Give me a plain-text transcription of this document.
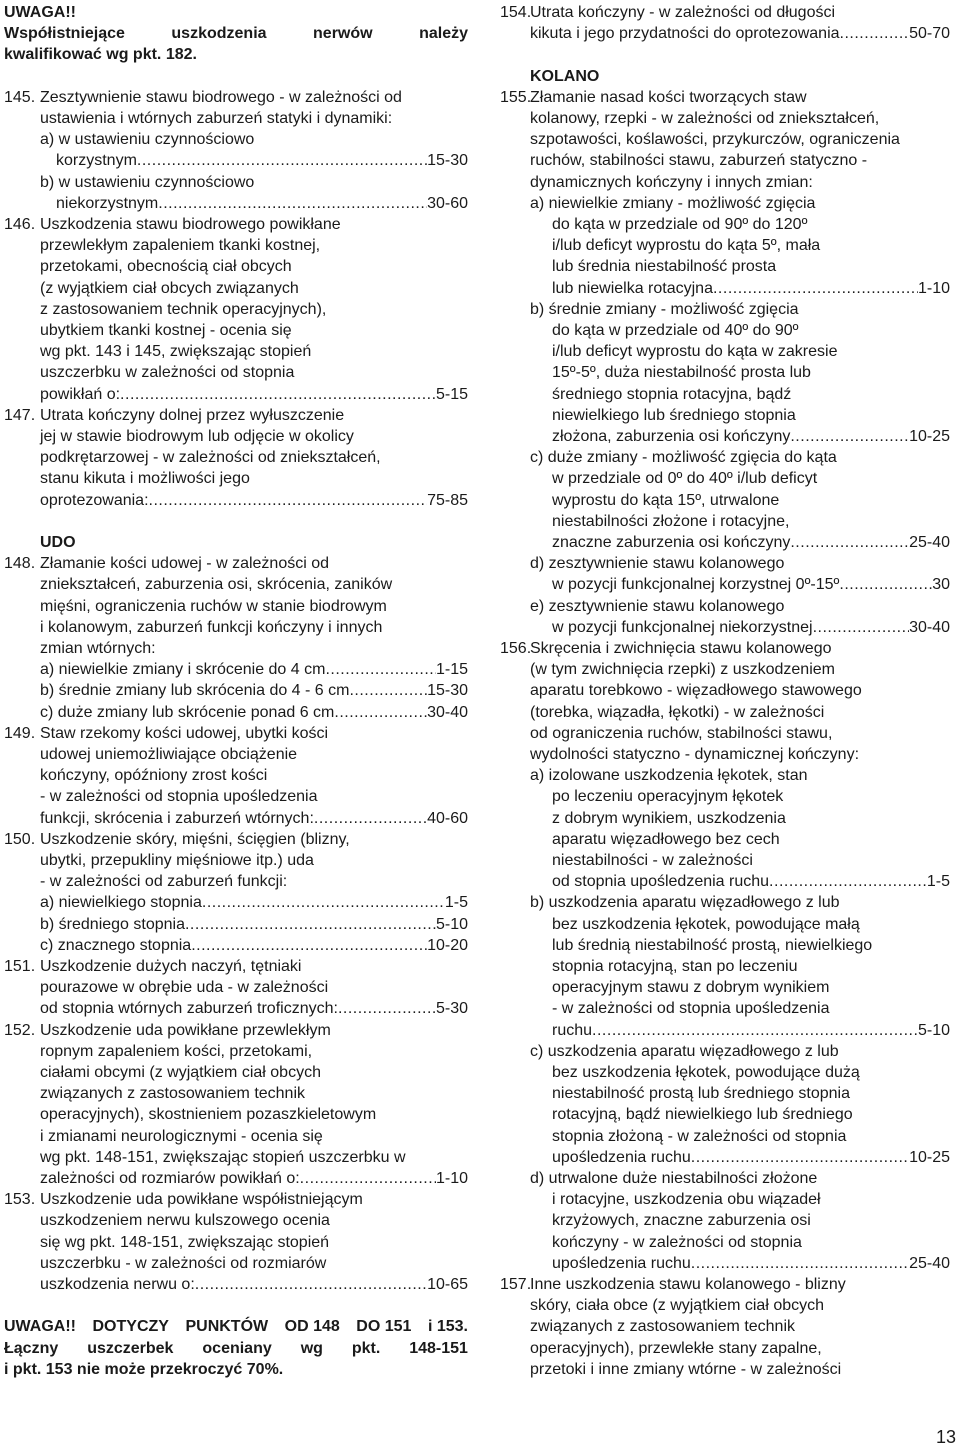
UWAGA!!
Współistniejące	uszkodzenia	nerwów	należy
kwalifikować wg pkt. 182.
145. Zesztywnienie stawu biodrowego - w zależności od
ustawienia i wtórnych zaburzeń statyki i dynamiki:
a) w ustawieniu czynnościowo
korzystnym .....	15-30
b) w ustawieniu czynnościowo
niekorzystnym .....	30-60
146. Uszkodzenia stawu biodrowego powikłane
przewlekłym zapaleniem tkanki kostnej,
przetokami, obecnością ciał obcych
(z wyjątkiem ciał obcych związanych
z zastosowaniem technik operacyjnych),
ubytkiem tkanki kostnej - ocenia się
wg pkt. 143 i 145, zwiększając stopień
uszczerbku w zależności od stopnia
powikłań o: .....	5-15
147. Utrata kończyny dolnej przez wyłuszczenie
jej w stawie biodrowym lub odjęcie w okolicy
podkrętarzowej - w zależności od zniekształceń,
stanu kikuta i możliwości jego
oprotezowania: .....	75-85
UDO
148. Złamanie kości udowej - w zależności od
zniekształceń, zaburzenia osi, skrócenia, zaników
mięśni, ograniczenia ruchów w stanie biodrowym
i kolanowym, zaburzeń funkcji kończyny i innych
zmian wtórnych:
a) niewielkie zmiany i skrócenie do 4 cm .....	1-15
b) średnie zmiany lub skrócenia do 4 - 6 cm .....	15-30
c) duże zmiany lub skrócenie ponad 6 cm .....	30-40
149. Staw rzekomy kości udowej, ubytki kości
udowej uniemożliwiające obciążenie
kończyny, opóźniony zrost kości
- w zależności od stopnia upośledzenia
funkcji, skrócenia i zaburzeń wtórnych: .....	40-60
150. Uszkodzenie skóry, mięśni, ścięgien (blizny,
ubytki, przepukliny mięśniowe itp.) uda
- w zależności od zaburzeń funkcji:
a) niewielkiego stopnia .....	1-5
b) średniego stopnia .....	5-10
c) znacznego stopnia .....	10-20
151. Uszkodzenie dużych naczyń, tętniaki
pourazowe w obrębie uda - w zależności
od stopnia wtórnych zaburzeń troficznych: .....	5-30
152. Uszkodzenie uda powikłane przewlekłym
ropnym zapaleniem kości, przetokami,
ciałami obcymi (z wyjątkiem ciał obcych
związanych z zastosowaniem technik
operacyjnych), skostnieniem pozaszkieletowym
i zmianami neurologicznymi - ocenia się
wg pkt. 148-151, zwiększając stopień uszczerbku w
zależności od rozmiarów powikłań o: .....	1-10
153. Uszkodzenie uda powikłane współistniejącym
uszkodzeniem nerwu kulszowego ocenia
się wg pkt. 148-151, zwiększając stopień
uszczerbku - w zależności od rozmiarów
uszkodzenia nerwu o: .....	10-65
UWAGA!! DOTYCZY PUNKTÓW OD 148 DO 151 i 153.
Łączny uszczerbek oceniany wg pkt. 148-151
i pkt. 153 nie może przekroczyć 70%.
154.
Utrata kończyny - w zależności od długości
kikuta i jego przydatności do oprotezowania .....	50-70
KOLANO
155.
Złamanie nasad kości tworzących staw
kolanowy, rzepki - w zależności od zniekształceń,
szpotawości, koślawości, przykurczów, ograniczenia
ruchów, stabilności stawu, zaburzeń statyczno -
dynamicznych kończyny i innych zmian:
a) niewielkie zmiany - możliwość zgięcia
do kąta w przedziale od 90º do 120º
i/lub deficyt wyprostu do kąta 5º, mała
lub średnia niestabilność prosta
lub niewielka rotacyjna .....	1-10
b) średnie zmiany - możliwość zgięcia
do kąta w przedziale od 40º do 90º
i/lub deficyt wyprostu do kąta w zakresie
15º-5º, duża niestabilność prosta lub
średniego stopnia rotacyjna, bądź
niewielkiego lub średniego stopnia
złożona, zaburzenia osi kończyny .....	10-25
c) duże zmiany - możliwość zgięcia do kąta
w przedziale od 0º do 40º i/lub deficyt
wyprostu do kąta 15º, utrwalone
niestabilności złożone i rotacyjne,
znaczne zaburzenia osi kończyny .....	25-40
d) zesztywnienie stawu kolanowego
w pozycji funkcjonalnej korzystnej 0º-15º .....	30
e) zesztywnienie stawu kolanowego
w pozycji funkcjonalnej niekorzystnej .....	30-40
156.
Skręcenia i zwichnięcia stawu kolanowego
(w tym zwichnięcia rzepki) z uszkodzeniem
aparatu torebkowo - więzadłowego stawowego
(torebka, wiązadła, łękotki) - w zależności
od ograniczenia ruchów, stabilności stawu,
wydolności statyczno - dynamicznej kończyny:
a) izolowane uszkodzenia łękotek, stan
po leczeniu operacyjnym łękotek
z dobrym wynikiem, uszkodzenia
aparatu więzadłowego bez cech
niestabilności - w zależności
od stopnia upośledzenia ruchu .....	1-5
b) uszkodzenia aparatu więzadłowego z lub
bez uszkodzenia łękotek, powodujące małą
lub średnią niestabilność prostą, niewielkiego
stopnia rotacyjną, stan po leczeniu
operacyjnym stawu z dobrym wynikiem
- w zależności od stopnia upośledzenia
ruchu .....	5-10
c) uszkodzenia aparatu więzadłowego z lub
bez uszkodzenia łękotek, powodujące dużą
niestabilność prostą lub średniego stopnia
rotacyjną, bądź niewielkiego lub średniego
stopnia złożoną - w zależności od stopnia
upośledzenia ruchu .....	10-25
d) utrwalone duże niestabilności złożone
i rotacyjne, uszkodzenia obu wiązadeł
krzyżowych, znaczne zaburzenia osi
kończyny - w zależności od stopnia
upośledzenia ruchu .....	25-40
157.
Inne uszkodzenia stawu kolanowego - blizny
skóry, ciała obce (z wyjątkiem ciał obcych
związanych z zastosowaniem technik
operacyjnych), przewlekłe stany zapalne,
przetoki i inne zmiany wtórne - w zależności
13
